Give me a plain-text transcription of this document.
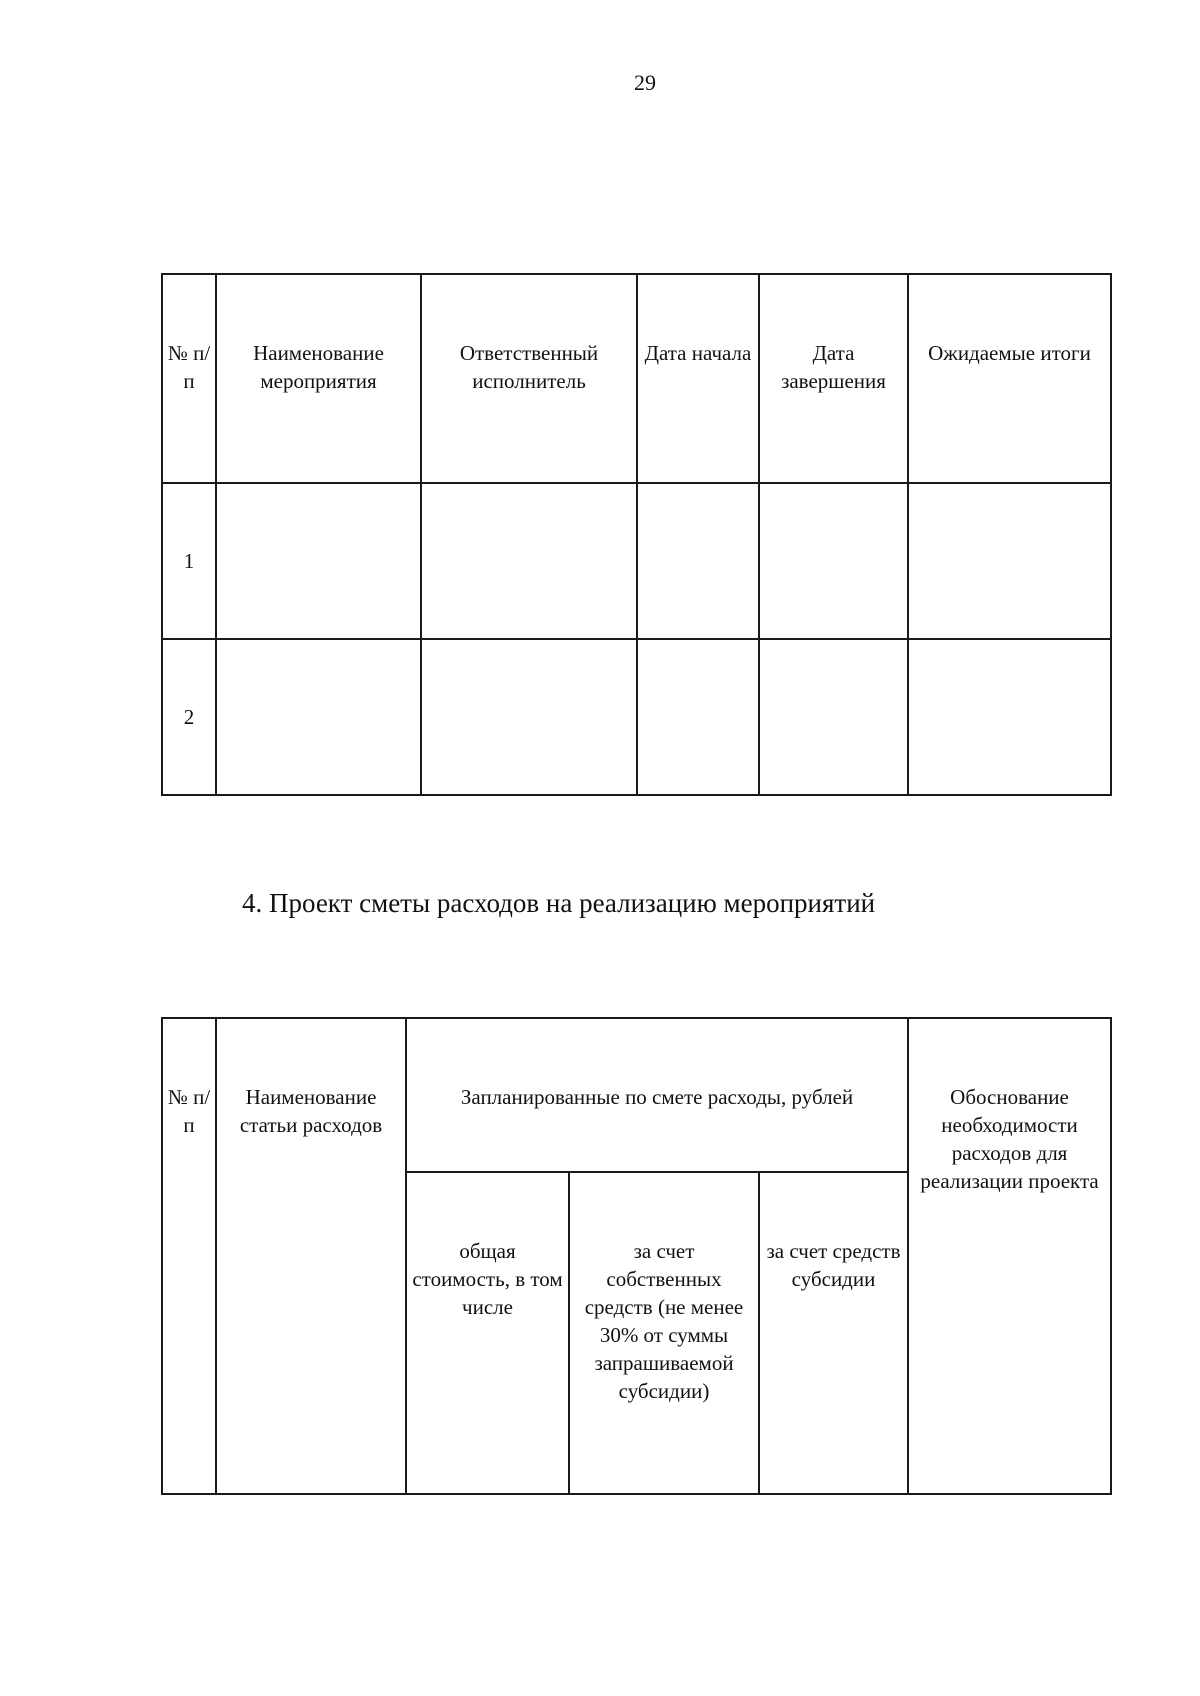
29
№ п/ п	Наименование мероприятия	Ответственный исполнитель	Дата начала	Дата завершения	Ожидаемые итоги
1					
2					
4. Проект сметы расходов на реализацию мероприятий
№ п/ п	Наименование статьи расходов	Запланированные по смете расходы, рублей			Обоснование необходимости расходов для реализации проекта
		общая стоимость, в том числе	за счет собственных средств (не менее 30% от суммы запрашиваемой субсидии)	за счет средств субсидии	
